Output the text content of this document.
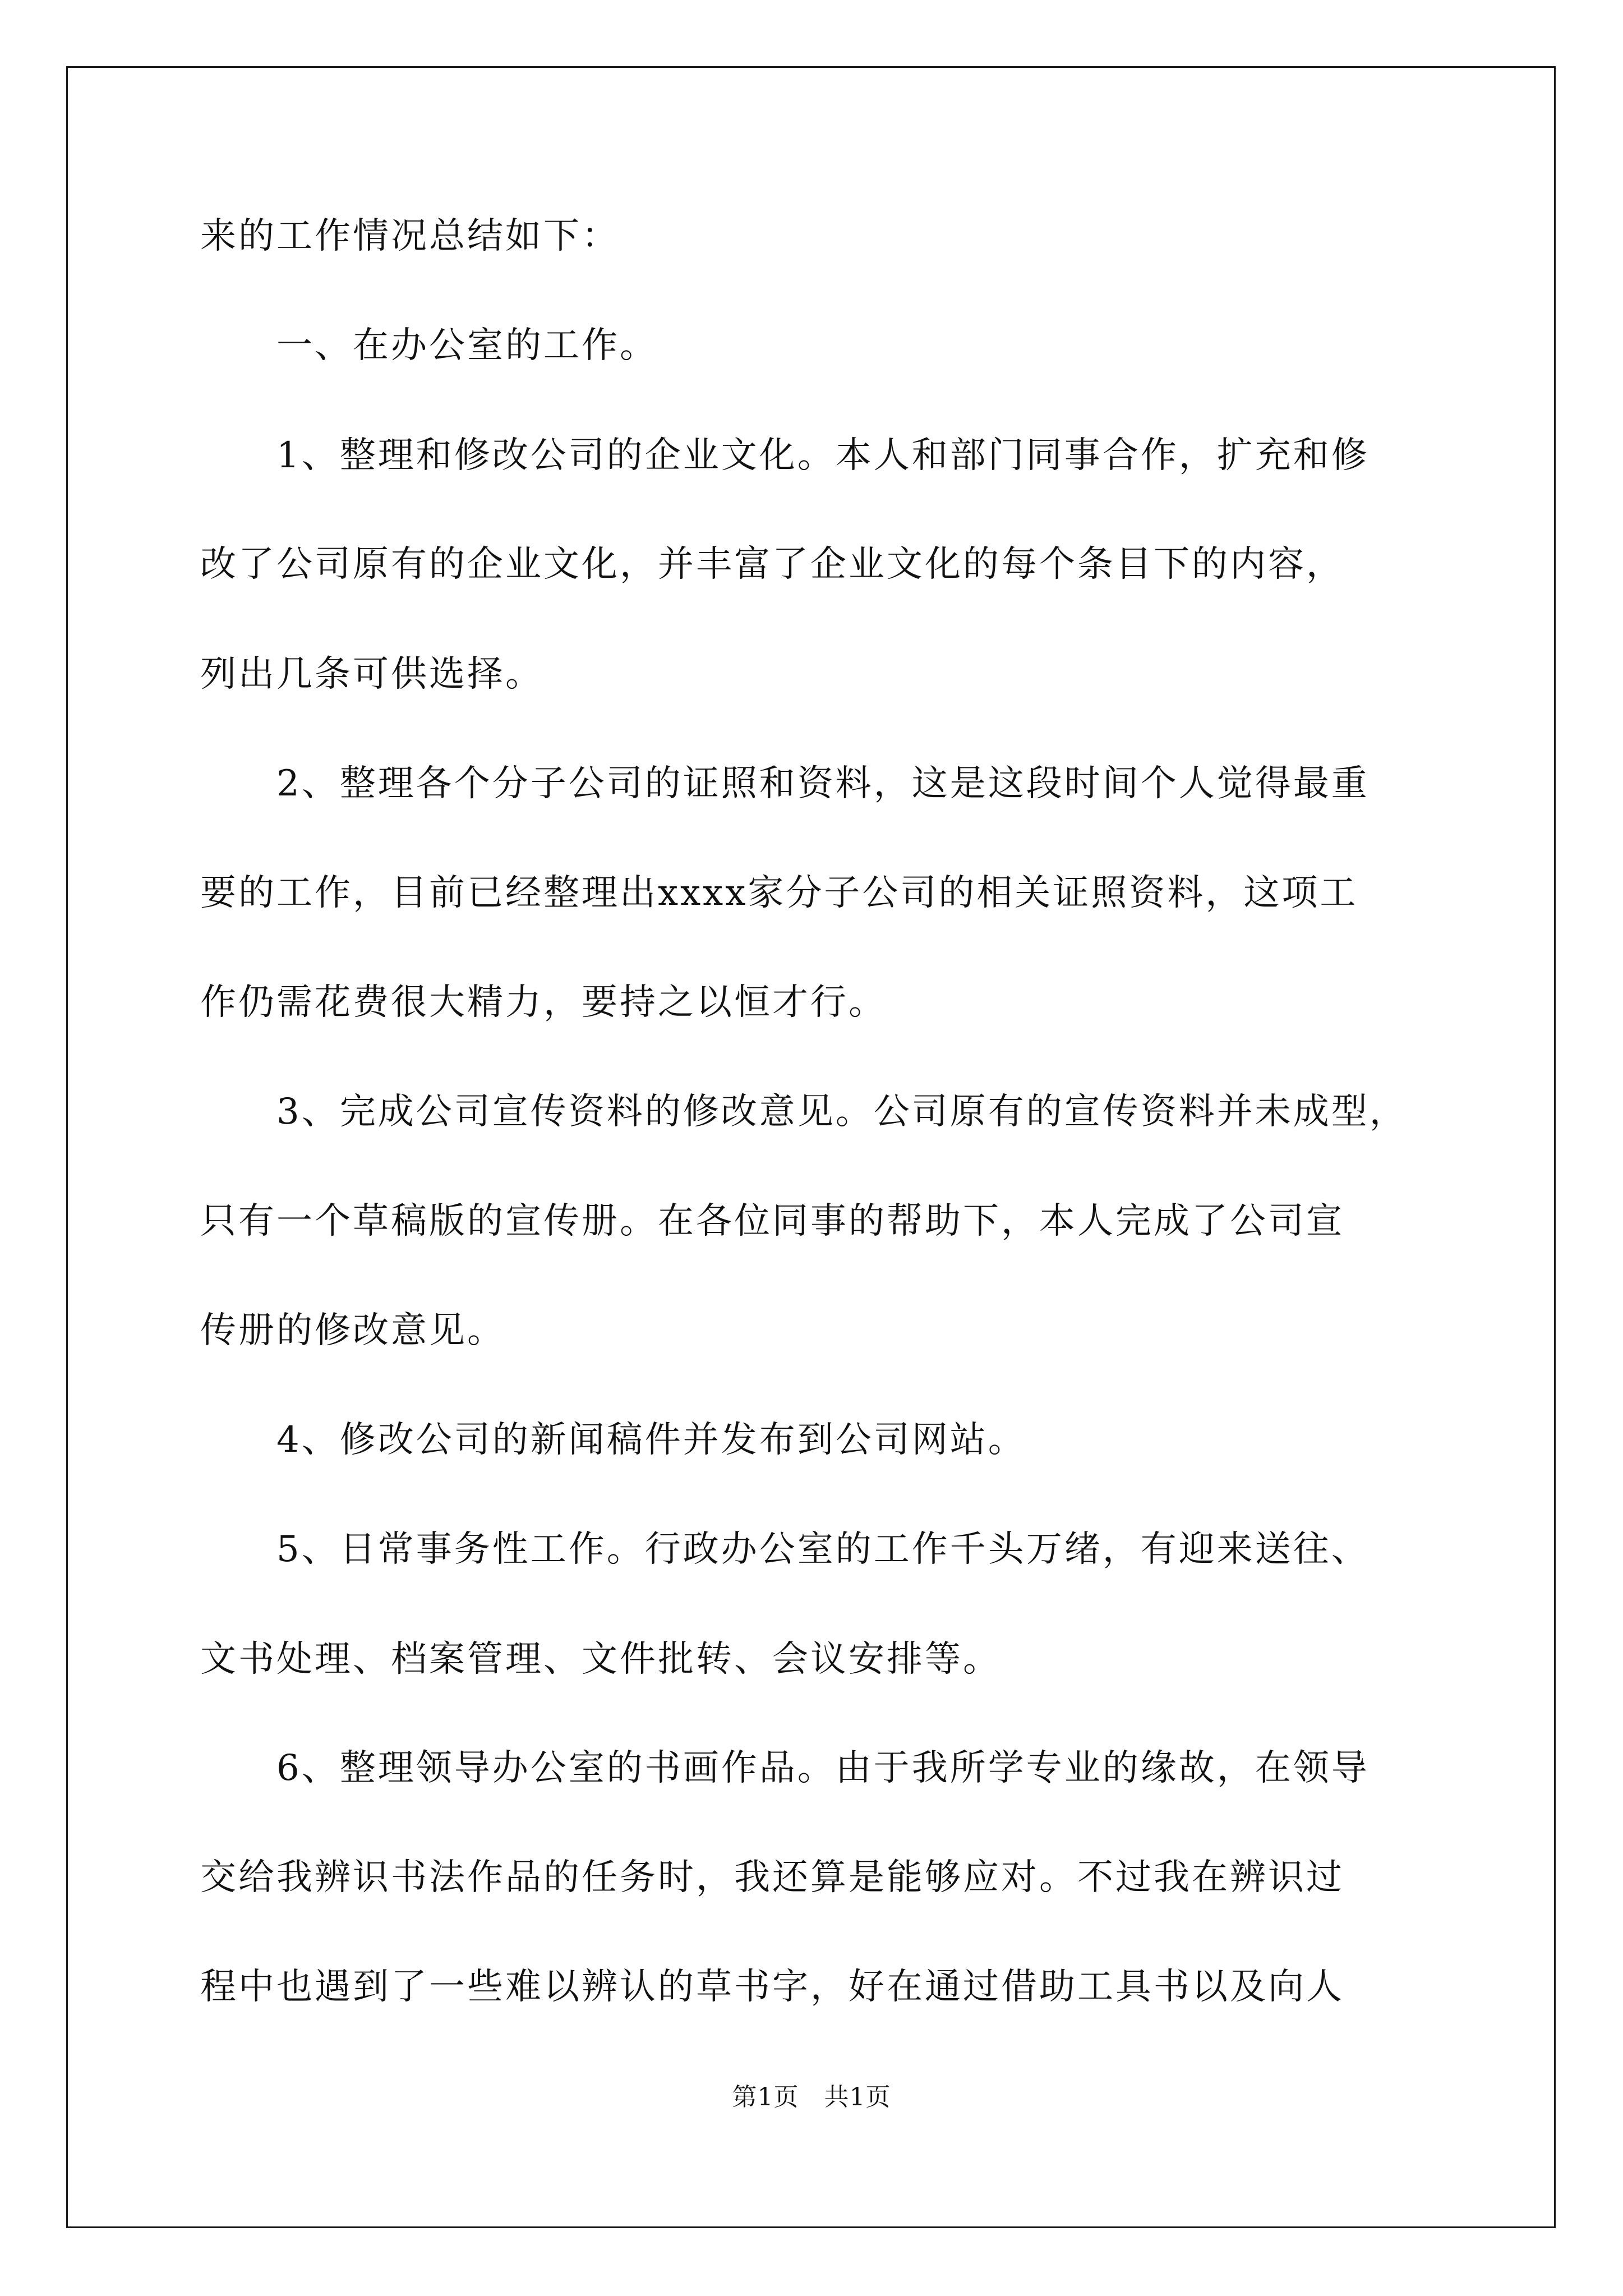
来的工作情况总结如下：
　　一、在办公室的工作。
　　1、整理和修改公司的企业文化。本人和部门同事合作，扩充和修
改了公司原有的企业文化，并丰富了企业文化的每个条目下的内容，
列出几条可供选择。
　　2、整理各个分子公司的证照和资料，这是这段时间个人觉得最重
要的工作，目前已经整理出xxxx家分子公司的相关证照资料，这项工
作仍需花费很大精力，要持之以恒才行。
　　3、完成公司宣传资料的修改意见。公司原有的宣传资料并未成型，
只有一个草稿版的宣传册。在各位同事的帮助下，本人完成了公司宣
传册的修改意见。
　　4、修改公司的新闻稿件并发布到公司网站。
　　5、日常事务性工作。行政办公室的工作千头万绪，有迎来送往、
文书处理、档案管理、文件批转、会议安排等。
　　6、整理领导办公室的书画作品。由于我所学专业的缘故，在领导
交给我辨识书法作品的任务时，我还算是能够应对。不过我在辨识过
程中也遇到了一些难以辨认的草书字，好在通过借助工具书以及向人
第1页　共1页
